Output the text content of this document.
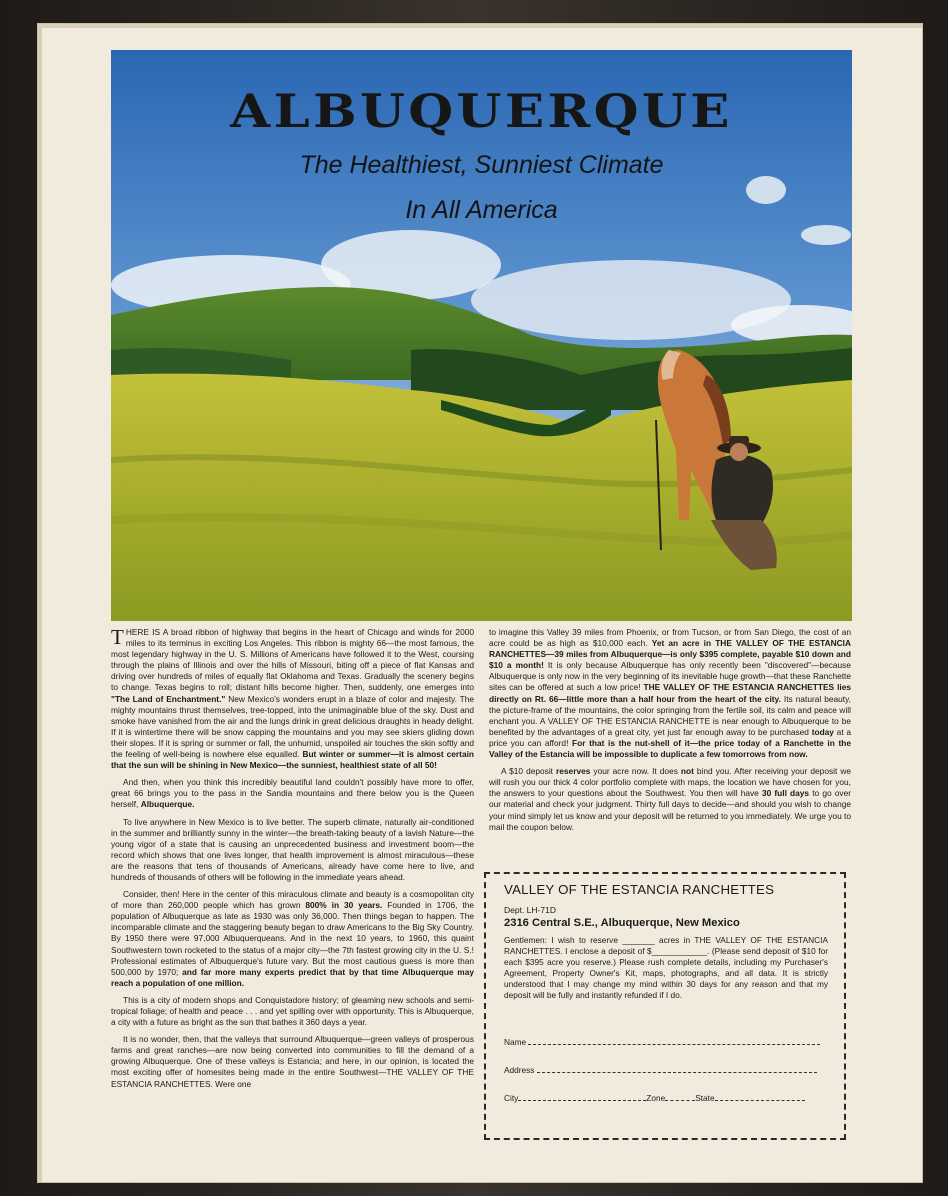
ALBUQUERQUE
The Healthiest, Sunniest Climate
In All America

THERE IS A broad ribbon of highway that begins in the heart of Chicago and winds for 2000 miles to its terminus in exciting Los Angeles. This ribbon is mighty 66—the most famous, the most legendary highway in the U. S. Millions of Americans have followed it to the West, coursing through the plains of Illinois and over the hills of Missouri, biting off a piece of flat Kansas and driving over hundreds of miles of equally flat Oklahoma and Texas. Gradually the scenery begins to change. Texas begins to roll; distant hills become higher. Then, suddenly, one emerges into "The Land of Enchantment." New Mexico's wonders erupt in a blaze of color and majesty. The mighty mountains thrust themselves, tree-topped, into the unimaginable blue of the sky. Dust and smoke have vanished from the air and the lungs drink in great delicious draughts in heady delight. If it is wintertime there will be snow capping the mountains and you may see skiers gliding down their slopes. If it is spring or summer or fall, the unhumid, unspoiled air touches the skin softly and the feeling of well-being is nowhere else equalled. But winter or summer—it is almost certain that the sun will be shining in New Mexico—the sunniest, healthiest state of all 50!

And then, when you think this incredibly beautiful land couldn't possibly have more to offer, great 66 brings you to the pass in the Sandia mountains and there below you is the Queen herself, Albuquerque.

To live anywhere in New Mexico is to live better. The superb climate, naturally air-conditioned in the summer and brilliantly sunny in the winter—the breath-taking beauty of a lavish Nature—the young vigor of a state that is causing an unprecedented business and investment boom—the record which shows that one lives longer, that health improvement is almost miraculous—these are the reasons that tens of thousands of Americans, already have come here to live, and hundreds of thousands of others will be following in the immediate years ahead.

Consider, then! Here in the center of this miraculous climate and beauty is a cosmopolitan city of more than 260,000 people which has grown 800% in 30 years. Founded in 1706, the population of Albuquerque as late as 1930 was only 36,000. Then things began to happen. The incomparable climate and the staggering beauty began to draw Americans to the Big Sky Country. By 1950 there were 97,000 Albuquerqueans. And in the next 10 years, to 1960, this quaint Southwestern town rocketed to the status of a major city—the 7th fastest growing city in the U. S.! Professional estimates of Albuquerque's future vary. But the most cautious guess is more than 500,000 by 1970; and far more many experts predict that by that time Albuquerque may reach a population of one million.

This is a city of modern shops and Conquistadore history; of gleaming new schools and semi-tropical foliage; of health and peace . . . and yet spilling over with opportunity. This is Albuquerque, a city with a future as bright as the sun that bathes it 360 days a year.

It is no wonder, then, that the valleys that surround Albuquerque—green valleys of prosperous farms and great ranches—are now being converted into communities to fill the demand of a growing Albuquerque. One of these valleys is Estancia; and here, in our opinion, is located the most exciting offer of homesites being made in the entire Southwest—THE VALLEY OF THE ESTANCIA RANCHETTES. Were one

to imagine this Valley 39 miles from Phoenix, or from Tucson, or from San Diego, the cost of an acre could be as high as $10,000 each. Yet an acre in THE VALLEY OF THE ESTANCIA RANCHETTES—39 miles from Albuquerque—is only $395 complete, payable $10 down and $10 a month! It is only because Albuquerque has only recently been "discovered"—because Albuquerque is only now in the very beginning of its inevitable huge growth—that these Ranchette sites can be offered at such a low price! THE VALLEY OF THE ESTANCIA RANCHETTES lies directly on Rt. 66—little more than a half hour from the heart of the city. Its natural beauty, the picture-frame of the mountains, the color springing from the fertile soil, its calm and peace will enchant you. A VALLEY OF THE ESTANCIA RANCHETTE is near enough to Albuquerque to be benefited by the advantages of a great city, yet just far enough away to be purchased today at a price you can afford! For that is the nut-shell of it—the price today of a Ranchette in the Valley of the Estancia will be impossible to duplicate a few tomorrows from now.

A $10 deposit reserves your acre now. It does not bind you. After receiving your deposit we will rush you our thick 4 color portfolio complete with maps, the location we have chosen for you, the answers to your questions about the Southwest. You then will have 30 full days to go over our material and check your judgment. Thirty full days to decide—and should you wish to change your mind simply let us know and your deposit will be returned to you immediately. We urge you to mail the coupon below.

VALLEY OF THE ESTANCIA RANCHETTES
Dept. LH-71D
2316 Central S.E., Albuquerque, New Mexico
Gentlemen: I wish to reserve _______ acres in THE VALLEY OF THE ESTANCIA RANCHETTES. I enclose a deposit of $____________. (Please send deposit of $10 for each $395 acre you reserve.) Please rush complete details, including my Purchaser's Agreement, Property Owner's Kit, maps, photographs, and all data. It is strictly understood that I may change my mind within 30 days for any reason and that my deposit will be fully and instantly refunded if I do.
Name
Address
City	Zone	State
